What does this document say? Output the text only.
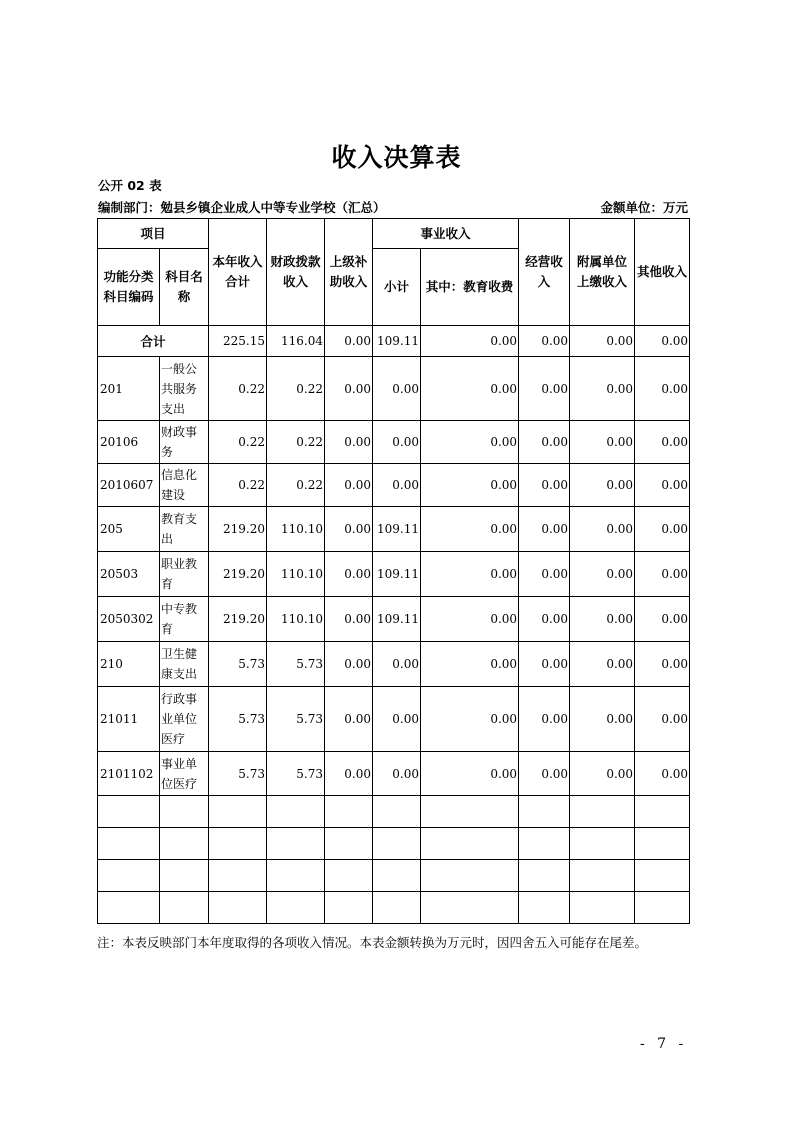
收入决算表
公开 02 表
编制部门：勉县乡镇企业成人中等专业学校（汇总）	金额单位：万元
项目		本年收入合计	财政拨款收入	上级补助收入	事业收入		经营收入	附属单位上缴收入	其他收入
功能分类科目编码	科目名称				小计	其中：教育收费			
合计		225.15	116.04	0.00	109.11	0.00	0.00	0.00	0.00
201	一般公共服务支出	0.22	0.22	0.00	0.00	0.00	0.00	0.00	0.00
20106	财政事务	0.22	0.22	0.00	0.00	0.00	0.00	0.00	0.00
2010607	信息化建设	0.22	0.22	0.00	0.00	0.00	0.00	0.00	0.00
205	教育支出	219.20	110.10	0.00	109.11	0.00	0.00	0.00	0.00
20503	职业教育	219.20	110.10	0.00	109.11	0.00	0.00	0.00	0.00
2050302	中专教育	219.20	110.10	0.00	109.11	0.00	0.00	0.00	0.00
210	卫生健康支出	5.73	5.73	0.00	0.00	0.00	0.00	0.00	0.00
21011	行政事业单位医疗	5.73	5.73	0.00	0.00	0.00	0.00	0.00	0.00
2101102	事业单位医疗	5.73	5.73	0.00	0.00	0.00	0.00	0.00	0.00

注：本表反映部门本年度取得的各项收入情况。本表金额转换为万元时，因四舍五入可能存在尾差。
- 7 -
